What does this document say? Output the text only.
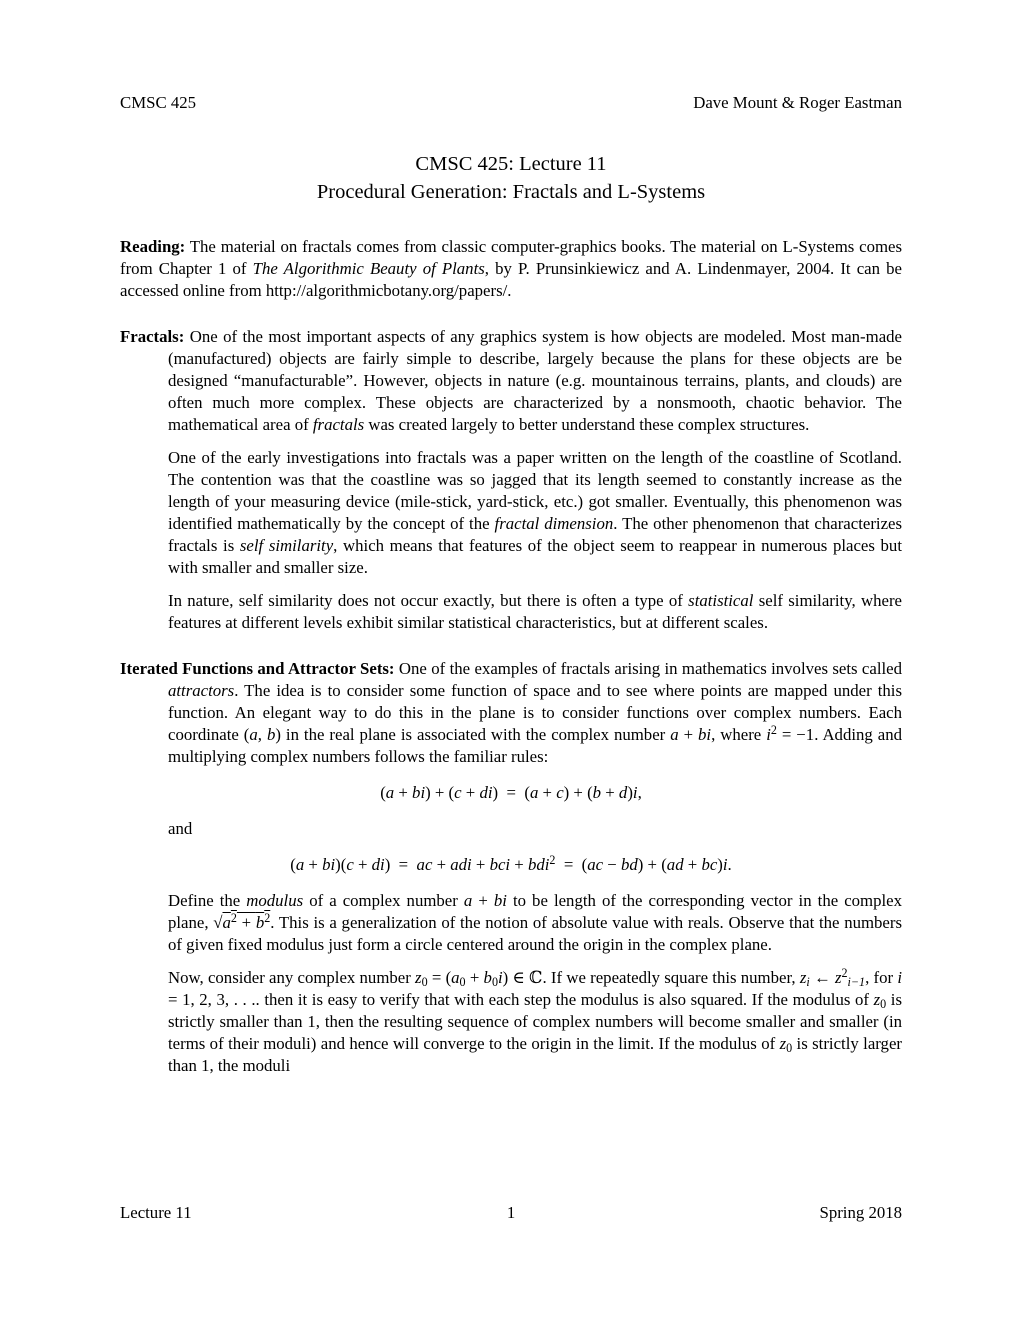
CMSC 425	Dave Mount & Roger Eastman
CMSC 425: Lecture 11
Procedural Generation: Fractals and L-Systems

Reading: The material on fractals comes from classic computer-graphics books. The material on L-Systems comes from Chapter 1 of The Algorithmic Beauty of Plants, by P. Prunsinkiewicz and A. Lindenmayer, 2004. It can be accessed online from http://algorithmicbotany.org/papers/.

Fractals: One of the most important aspects of any graphics system is how objects are modeled. Most man-made (manufactured) objects are fairly simple to describe, largely because the plans for these objects are be designed “manufacturable”. However, objects in nature (e.g. mountainous terrains, plants, and clouds) are often much more complex. These objects are characterized by a nonsmooth, chaotic behavior. The mathematical area of fractals was created largely to better understand these complex structures.

One of the early investigations into fractals was a paper written on the length of the coastline of Scotland. The contention was that the coastline was so jagged that its length seemed to constantly increase as the length of your measuring device (mile-stick, yard-stick, etc.) got smaller. Eventually, this phenomenon was identified mathematically by the concept of the fractal dimension. The other phenomenon that characterizes fractals is self similarity, which means that features of the object seem to reappear in numerous places but with smaller and smaller size.

In nature, self similarity does not occur exactly, but there is often a type of statistical self similarity, where features at different levels exhibit similar statistical characteristics, but at different scales.

Iterated Functions and Attractor Sets: One of the examples of fractals arising in mathematics involves sets called attractors. The idea is to consider some function of space and to see where points are mapped under this function. An elegant way to do this in the plane is to consider functions over complex numbers. Each coordinate (a, b) in the real plane is associated with the complex number a + bi, where $i^2 = -1$. Adding and multiplying complex numbers follows the familiar rules:

(a + bi) + (c + di)  =  (a + c) + (b + d)i,

and

(a + bi)(c + di)  =  ac + adi + bci + bdi$^2$  =  (ac − bd) + (ad + bc)i.

Define the modulus of a complex number a + bi to be length of the corresponding vector in the complex plane, $√a^2 + \overline{b}^2$. This is a generalization of the notion of absolute value with reals. Observe that the numbers of given fixed modulus just form a circle centered around the origin in the complex plane.

Now, consider any complex number $z_0 = (a_0 + b_0i)$ ∈ ℂ. If we repeatedly square this number, $z_i$ ← $z^2_{i-1}$, for i = 1, 2, 3, . . .. then it is easy to verify that with each step the modulus is also squared. If the modulus of $z_0$ is strictly smaller than 1, then the resulting sequence of complex numbers will become smaller and smaller (in terms of their moduli) and hence will converge to the origin in the limit. If the modulus of $z_0$ is strictly larger than 1, the moduli

Lecture 11	1	Spring 2018
